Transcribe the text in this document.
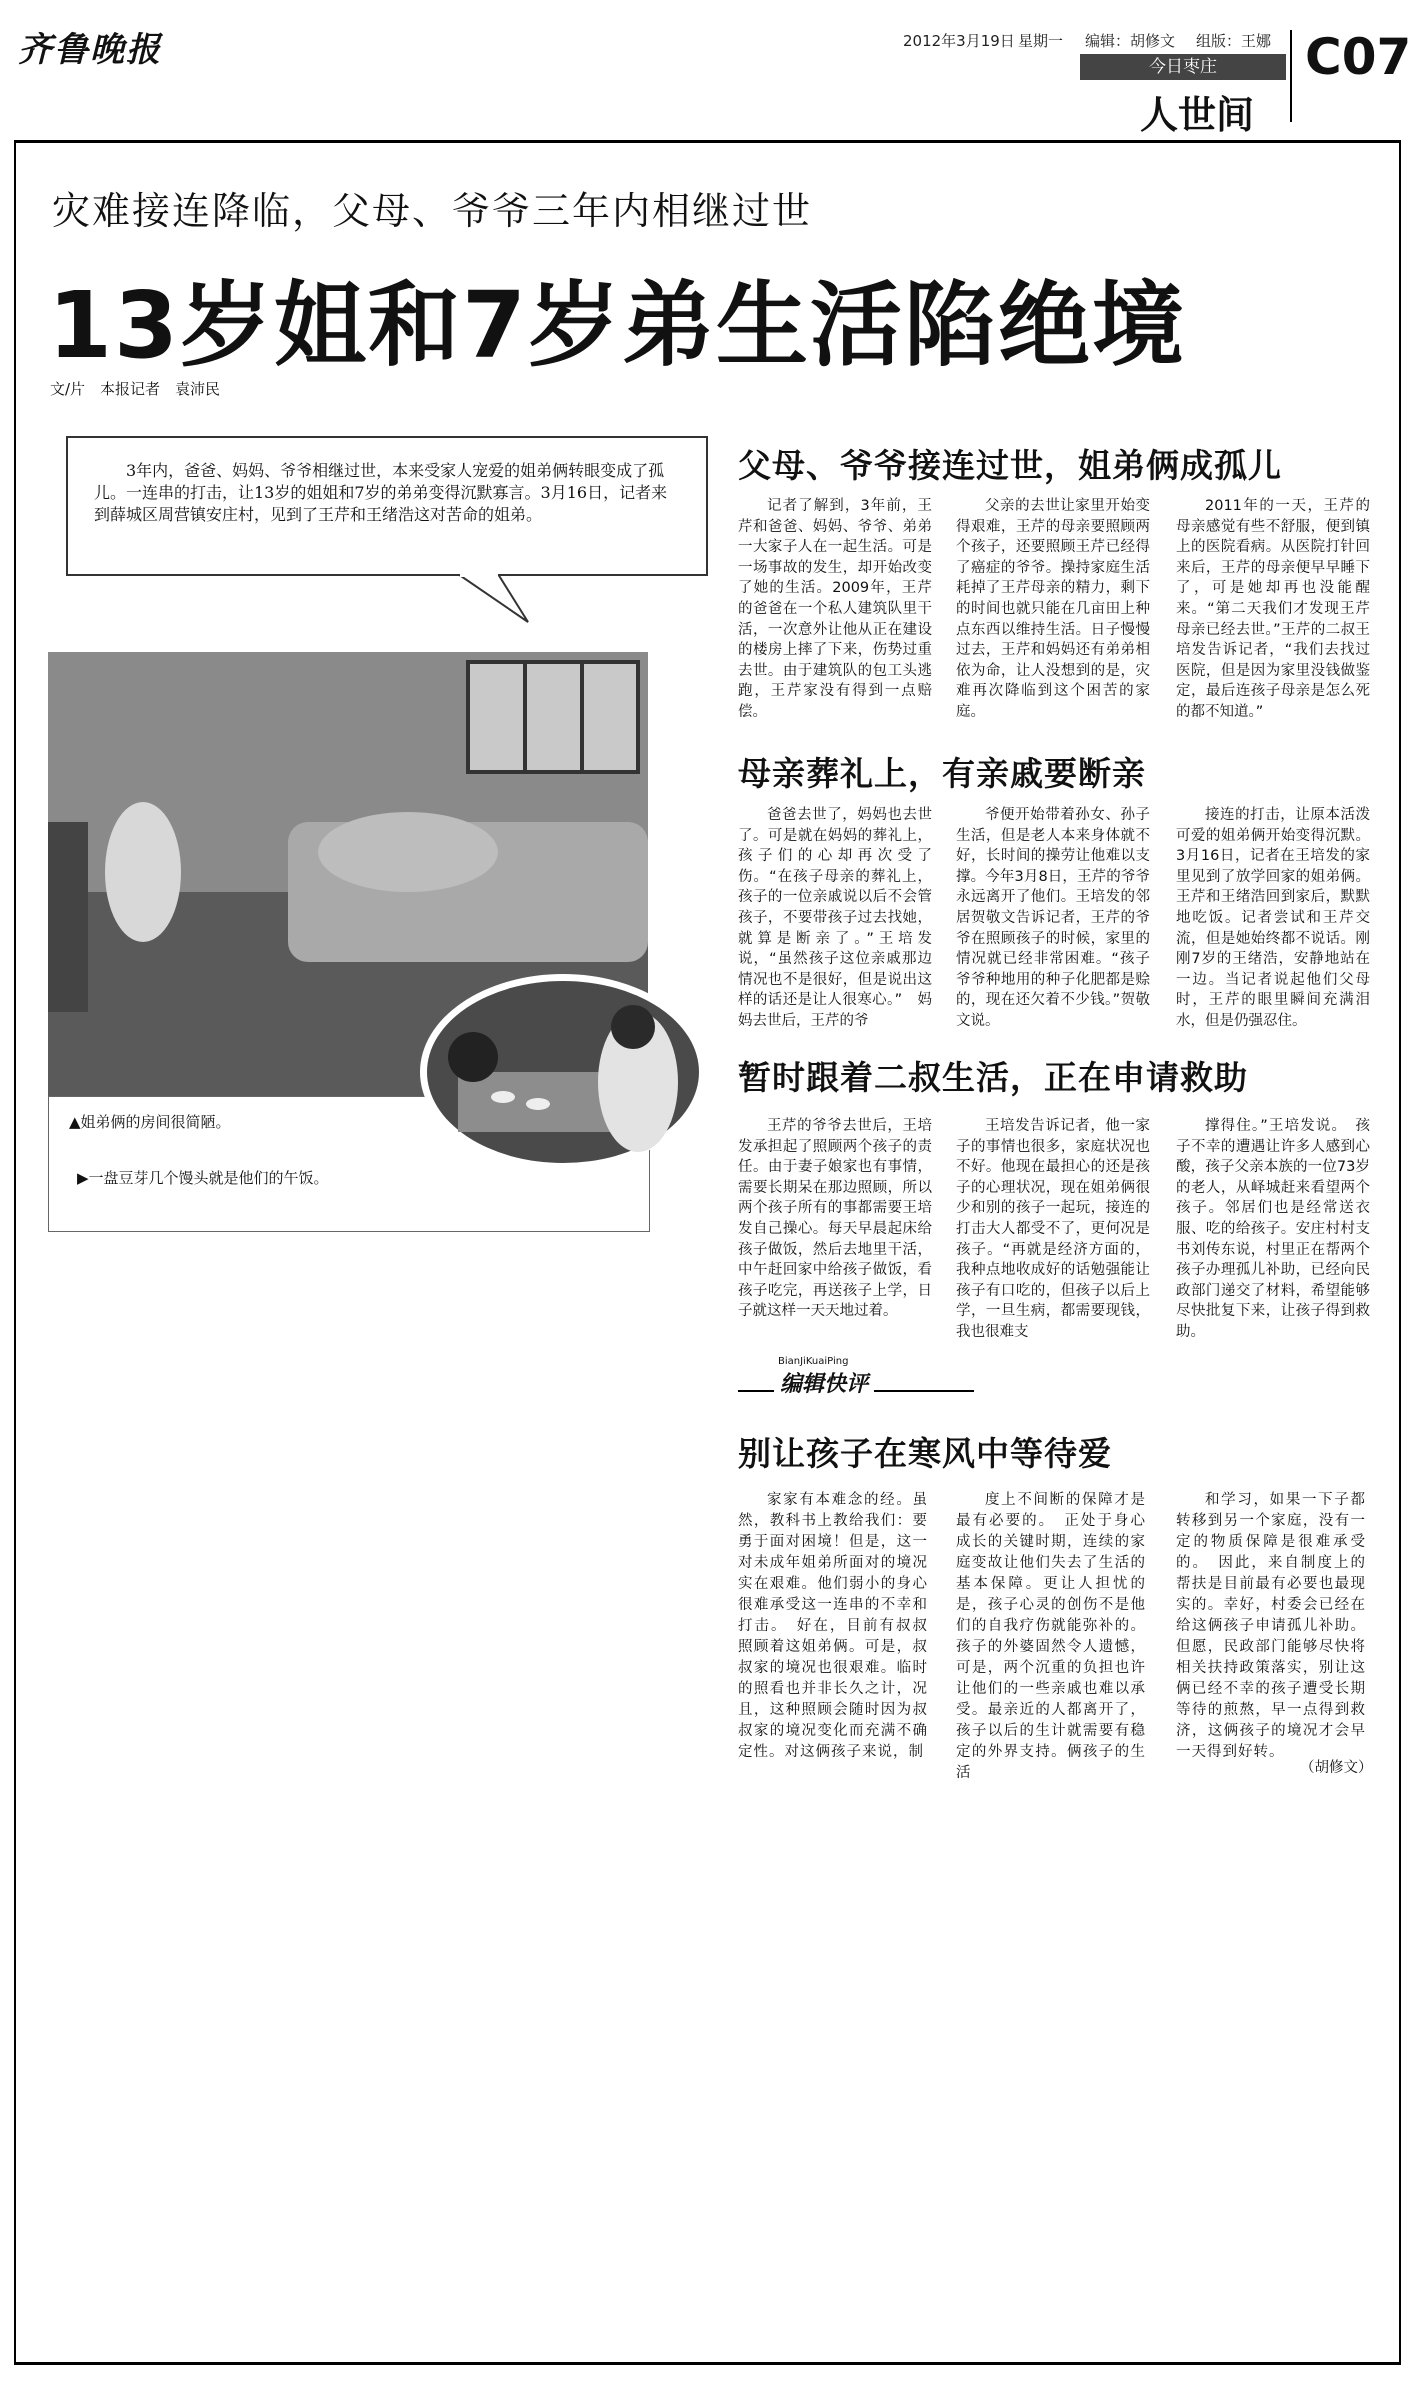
齐鲁晚报	2012年3月19日 星期一 编辑：胡修文 组版：王娜
今日枣庄
人世间
C07
灾难接连降临，父母、爷爷三年内相继过世
13岁姐和7岁弟生活陷绝境
文/片　本报记者　袁沛民
3年内，爸爸、妈妈、爷爷相继过世，本来受家人宠爱的姐弟俩转眼变成了孤儿。一连串的打击，让13岁的姐姐和7岁的弟弟变得沉默寡言。3月16日，记者来到薛城区周营镇安庄村，见到了王芹和王绪浩这对苦命的姐弟。
▲姐弟俩的房间很简陋。
▶一盘豆芽几个馒头就是他们的午饭。
父母、爷爷接连过世，姐弟俩成孤儿

记者了解到，3年前，王芹和爸爸、妈妈、爷爷、弟弟一大家子人在一起生活。可是一场事故的发生，却开始改变了她的生活。2009年，王芹的爸爸在一个私人建筑队里干活，一次意外让他从正在建设的楼房上摔了下来，伤势过重去世。由于建筑队的包工头逃跑，王芹家没有得到一点赔偿。

父亲的去世让家里开始变得艰难，王芹的母亲要照顾两个孩子，还要照顾王芹已经得了癌症的爷爷。操持家庭生活耗掉了王芹母亲的精力，剩下的时间也就只能在几亩田上种点东西以维持生活。日子慢慢过去，王芹和妈妈还有弟弟相依为命，让人没想到的是，灾难再次降临到这个困苦的家庭。

2011年的一天，王芹的母亲感觉有些不舒服，便到镇上的医院看病。从医院打针回来后，王芹的母亲便早早睡下了，可是她却再也没能醒来。“第二天我们才发现王芹母亲已经去世。”王芹的二叔王培发告诉记者，“我们去找过医院，但是因为家里没钱做鉴定，最后连孩子母亲是怎么死的都不知道。”

母亲葬礼上，有亲戚要断亲

爸爸去世了，妈妈也去世了。可是就在妈妈的葬礼上，孩子们的心却再次受了伤。“在孩子母亲的葬礼上，孩子的一位亲戚说以后不会管孩子，不要带孩子过去找她，就算是断亲了。”王培发说，“虽然孩子这位亲戚那边情况也不是很好，但是说出这样的话还是让人很寒心。”　妈妈去世后，王芹的爷

爷便开始带着孙女、孙子生活，但是老人本来身体就不好，长时间的操劳让他难以支撑。今年3月8日，王芹的爷爷永远离开了他们。王培发的邻居贺敬文告诉记者，王芹的爷爷在照顾孩子的时候，家里的情况就已经非常困难。“孩子爷爷种地用的种子化肥都是赊的，现在还欠着不少钱。”贺敬文说。

接连的打击，让原本活泼可爱的姐弟俩开始变得沉默。3月16日，记者在王培发的家里见到了放学回家的姐弟俩。王芹和王绪浩回到家后，默默地吃饭。记者尝试和王芹交流，但是她始终都不说话。刚刚7岁的王绪浩，安静地站在一边。当记者说起他们父母时，王芹的眼里瞬间充满泪水，但是仍强忍住。

暂时跟着二叔生活，正在申请救助

王芹的爷爷去世后，王培发承担起了照顾两个孩子的责任。由于妻子娘家也有事情，需要长期呆在那边照顾，所以两个孩子所有的事都需要王培发自己操心。每天早晨起床给孩子做饭，然后去地里干活，中午赶回家中给孩子做饭，看孩子吃完，再送孩子上学，日子就这样一天天地过着。

王培发告诉记者，他一家子的事情也很多，家庭状况也不好。他现在最担心的还是孩子的心理状况，现在姐弟俩很少和别的孩子一起玩，接连的打击大人都受不了，更何况是孩子。“再就是经济方面的，我种点地收成好的话勉强能让孩子有口吃的，但孩子以后上学，一旦生病，都需要现钱，我也很难支

撑得住。”王培发说。　孩子不幸的遭遇让许多人感到心酸，孩子父亲本族的一位73岁的老人，从峄城赶来看望两个孩子。邻居们也是经常送衣服、吃的给孩子。安庄村村支书刘传东说，村里正在帮两个孩子办理孤儿补助，已经向民政部门递交了材料，希望能够尽快批复下来，让孩子得到救助。

BianJiKuaiPing
编辑快评
别让孩子在寒风中等待爱

家家有本难念的经。虽然，教科书上教给我们：要勇于面对困境！但是，这一对未成年姐弟所面对的境况实在艰难。他们弱小的身心很难承受这一连串的不幸和打击。　好在，目前有叔叔照顾着这姐弟俩。可是，叔叔家的境况也很艰难。临时的照看也并非长久之计，况且，这种照顾会随时因为叔叔家的境况变化而充满不确定性。对这俩孩子来说，制

度上不间断的保障才是最有必要的。　正处于身心成长的关键时期，连续的家庭变故让他们失去了生活的基本保障。更让人担忧的是，孩子心灵的创伤不是他们的自我疗伤就能弥补的。孩子的外婆固然令人遗憾，可是，两个沉重的负担也许让他们的一些亲戚也难以承受。最亲近的人都离开了，孩子以后的生计就需要有稳定的外界支持。俩孩子的生活

和学习，如果一下子都转移到另一个家庭，没有一定的物质保障是很难承受的。　因此，来自制度上的帮扶是目前最有必要也最现实的。幸好，村委会已经在给这俩孩子申请孤儿补助。但愿，民政部门能够尽快将相关扶持政策落实，别让这俩已经不幸的孩子遭受长期等待的煎熬，早一点得到救济，这俩孩子的境况才会早一天得到好转。

（胡修文）
